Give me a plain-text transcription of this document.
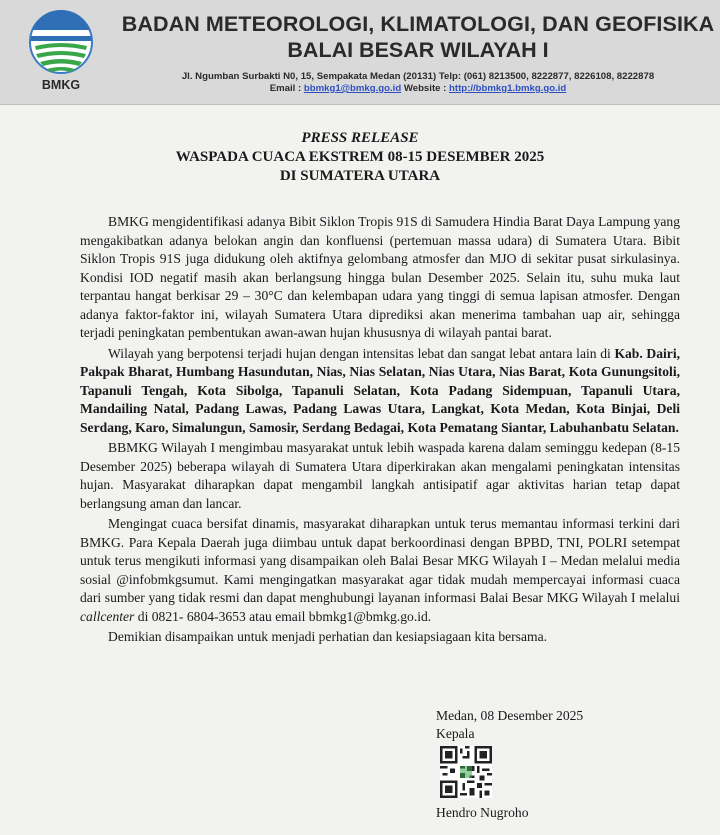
BMKG
BADAN METEOROLOGI, KLIMATOLOGI, DAN GEOFISIKA
BALAI BESAR WILAYAH I
Jl. Ngumban Surbakti N0, 15, Sempakata Medan (20131) Telp: (061) 8213500, 8222877, 8226108, 8222878
Email : bbmkg1@bmkg.go.id Website : http://bbmkg1.bmkg.go.id
PRESS RELEASE
WASPADA CUACA EKSTREM 08-15 DESEMBER 2025
DI SUMATERA UTARA

BMKG mengidentifikasi adanya Bibit Siklon Tropis 91S di Samudera Hindia Barat Daya Lampung yang mengakibatkan adanya belokan angin dan konfluensi (pertemuan massa udara) di Sumatera Utara. Bibit Siklon Tropis 91S juga didukung oleh aktifnya gelombang atmosfer dan MJO di sekitar pusat sirkulasinya. Kondisi IOD negatif masih akan berlangsung hingga bulan Desember 2025. Selain itu, suhu muka laut terpantau hangat berkisar 29 – 30°C dan kelembapan udara yang tinggi di semua lapisan atmosfer. Dengan adanya faktor-faktor ini, wilayah Sumatera Utara diprediksi akan menerima tambahan uap air, sehingga terjadi peningkatan pembentukan awan-awan hujan khususnya di wilayah pantai barat.

Wilayah yang berpotensi terjadi hujan dengan intensitas lebat dan sangat lebat antara lain di Kab. Dairi, Pakpak Bharat, Humbang Hasundutan, Nias, Nias Selatan, Nias Utara, Nias Barat, Kota Gunungsitoli, Tapanuli Tengah, Kota Sibolga, Tapanuli Selatan, Kota Padang Sidempuan, Tapanuli Utara, Mandailing Natal, Padang Lawas, Padang Lawas Utara, Langkat, Kota Medan, Kota Binjai, Deli Serdang, Karo, Simalungun, Samosir, Serdang Bedagai, Kota Pematang Siantar, Labuhanbatu Selatan.

BBMKG Wilayah I mengimbau masyarakat untuk lebih waspada karena dalam seminggu kedepan (8-15 Desember 2025) beberapa wilayah di Sumatera Utara diperkirakan akan mengalami peningkatan intensitas hujan. Masyarakat diharapkan dapat mengambil langkah antisipatif agar aktivitas harian tetap dapat berlangsung aman dan lancar.

Mengingat cuaca bersifat dinamis, masyarakat diharapkan untuk terus memantau informasi terkini dari BMKG. Para Kepala Daerah juga diimbau untuk dapat berkoordinasi dengan BPBD, TNI, POLRI setempat untuk terus mengikuti informasi yang disampaikan oleh Balai Besar MKG Wilayah I – Medan melalui media sosial @infobmkgsumut. Kami mengingatkan masyarakat agar tidak mudah mempercayai informasi cuaca dari sumber yang tidak resmi dan dapat menghubungi layanan informasi Balai Besar MKG Wilayah I melalui callcenter di 0821- 6804-3653 atau email bbmkg1@bmkg.go.id.

Demikian disampaikan untuk menjadi perhatian dan kesiapsiagaan kita bersama.

Medan, 08 Desember 2025
Kepala
Hendro Nugroho
